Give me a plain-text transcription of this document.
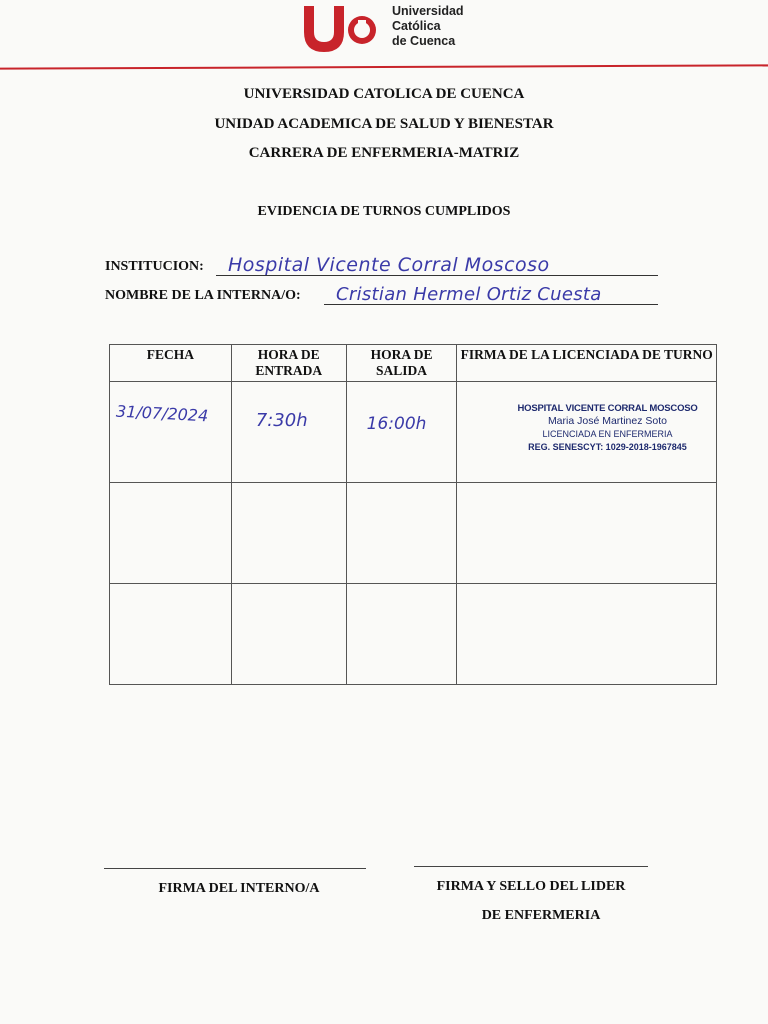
Universidad
Católica
de Cuenca
UNIVERSIDAD CATOLICA DE CUENCA
UNIDAD ACADEMICA DE SALUD Y BIENESTAR
CARRERA DE ENFERMERIA-MATRIZ
EVIDENCIA DE TURNOS CUMPLIDOS
INSTITUCION: Hospital Vicente Corral Moscoso
NOMBRE DE LA INTERNA/O: Cristian Hermel Ortiz Cuesta
FECHA	HORA DE ENTRADA	HORA DE SALIDA	FIRMA DE LA LICENCIADA DE TURNO

31/07/2024	7:30h	16:00h	HOSPITAL VICENTE CORRAL MOSCOSO
Maria José Martinez Soto
LICENCIADA EN ENFERMERIA
REG. SENESCYT: 1029-2018-1967845

FIRMA DEL INTERNO/A	FIRMA Y SELLO DEL LIDER
DE ENFERMERIA
